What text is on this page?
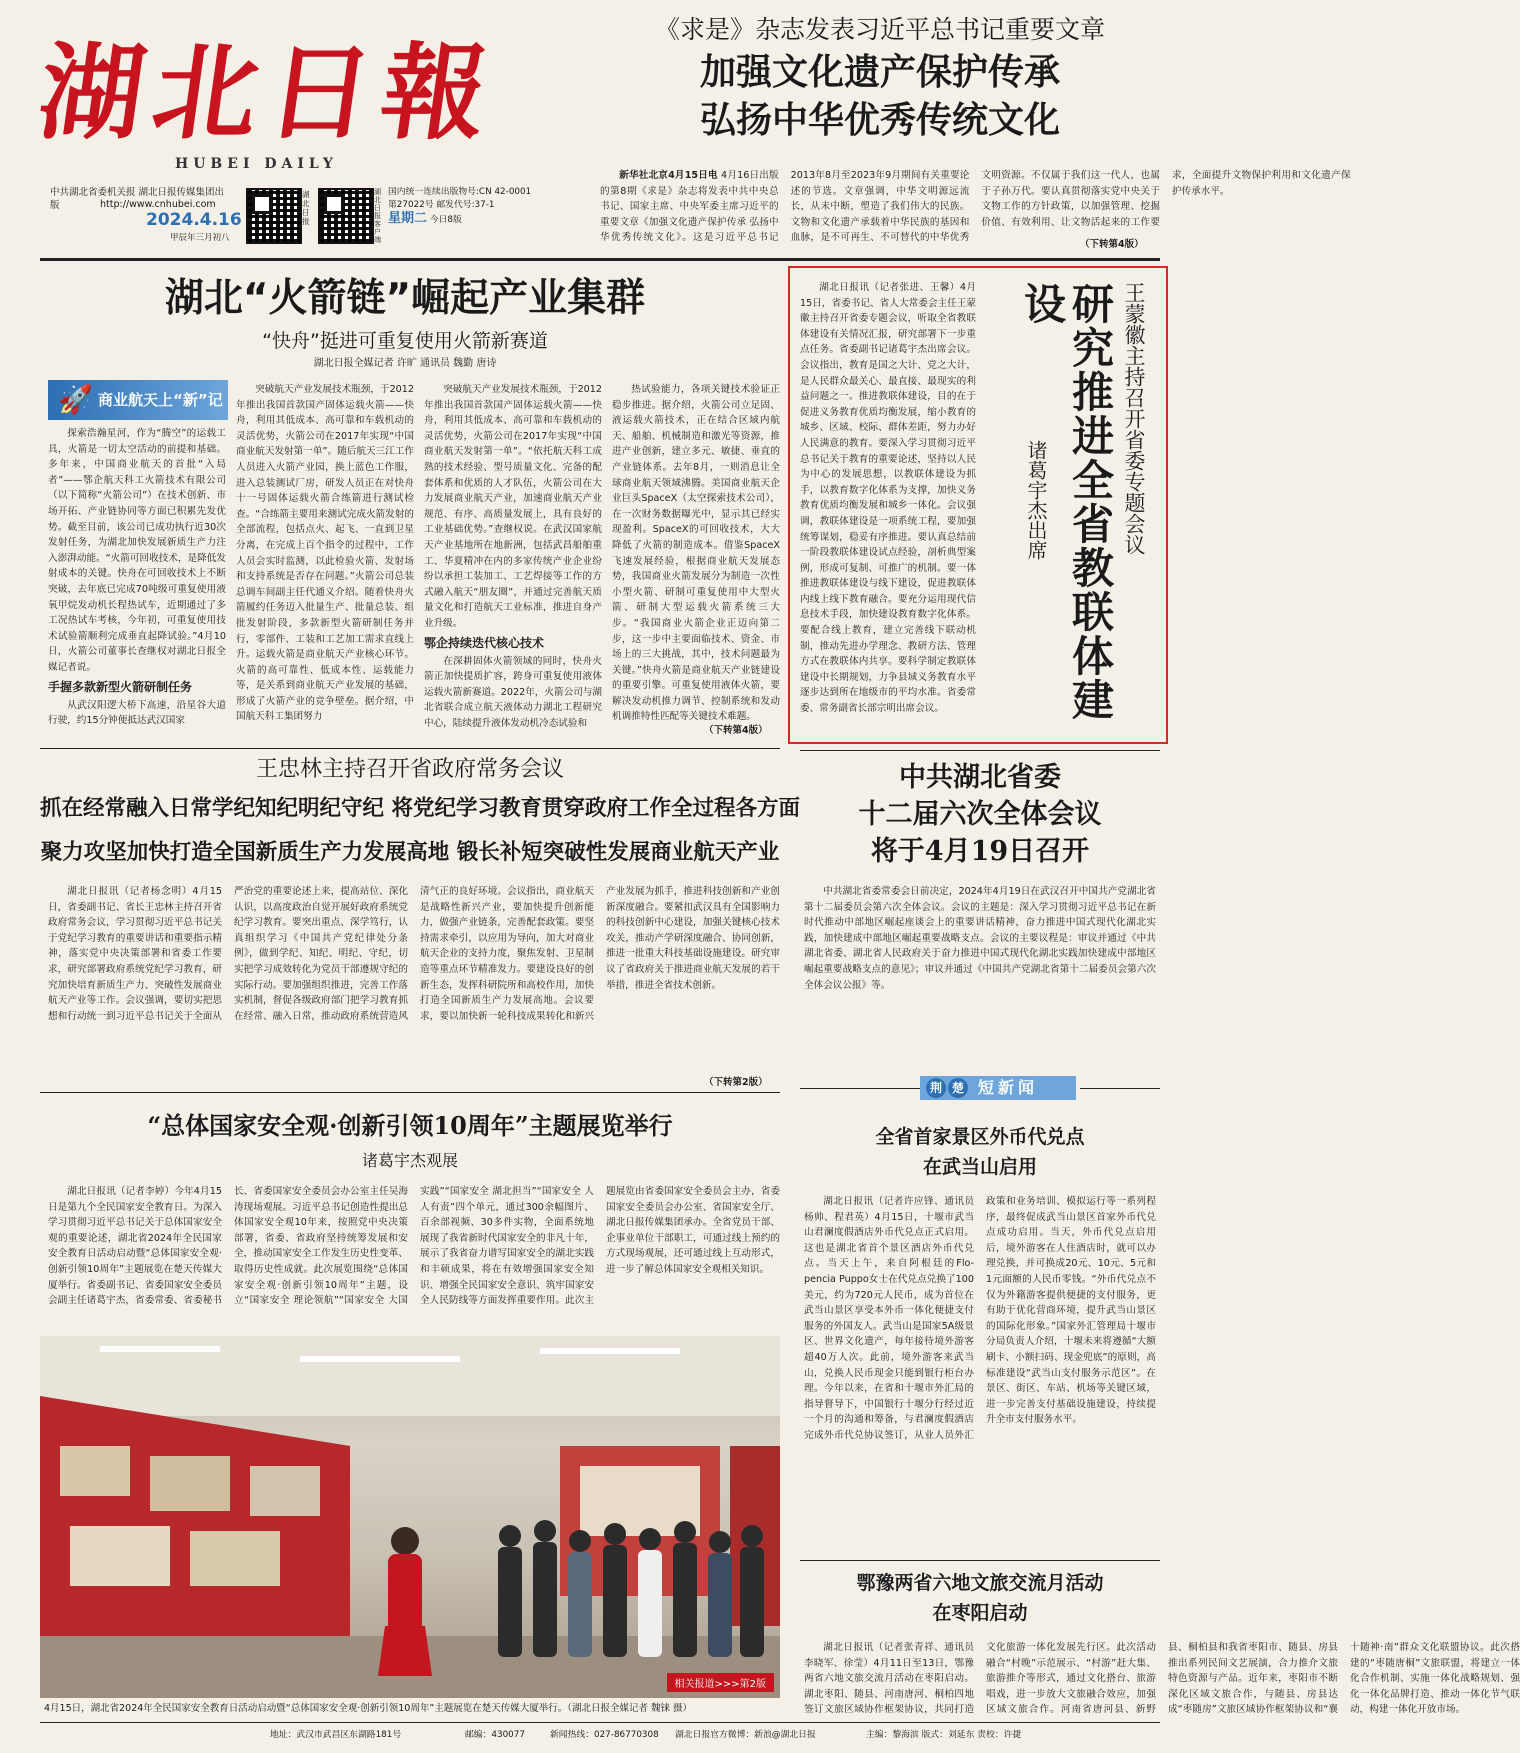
湖北日報
HUBEI DAILY
中共湖北省委机关报 湖北日报传媒集团出版	http://www.cnhubei.com
2024.4.16
甲辰年三月初八
湖北日报
湖北日报客户端
国内统一连续出版物号:CN 42-0001
第27022号 邮发代号:37-1
星期二 今日8版
《求是》杂志发表习近平总书记重要文章
加强文化遗产保护传承
弘扬中华优秀传统文化

新华社北京4月15日电 4月16日出版的第8期《求是》杂志将发表中共中央总书记、国家主席、中央军委主席习近平的重要文章《加强文化遗产保护传承 弘扬中华优秀传统文化》。这是习近平总书记2013年8月至2023年9月期间有关重要论述的节选。文章强调，中华文明源远流长，从未中断，塑造了我们伟大的民族。文物和文化遗产承载着中华民族的基因和血脉，是不可再生、不可替代的中华优秀文明资源。不仅属于我们这一代人，也属于子孙万代。要认真贯彻落实党中央关于文物工作的方针政策，以加强管理、挖掘价值、有效利用、让文物活起来的工作要求，全面提升文物保护利用和文化遗产保护传承水平。

（下转第4版）
湖北“火箭链”崛起产业集群
“快舟”挺进可重复使用火箭新赛道
湖北日报全媒记者 许旷 通讯员 魏勤 唐诗
🚀 商业航天上“新”记

探索浩瀚星河，作为“腾空”的运载工具，火箭是一切太空活动的前提和基础。多年来，中国商业航天的首批“入局者”——鄂企航天科工火箭技术有限公司（以下简称“火箭公司”）在技术创新、市场开拓、产业链协同等方面已积累先发优势。截至目前，该公司已成功执行近30次发射任务，为湖北加快发展新质生产力注入澎湃动能。“火箭可回收技术，是降低发射成本的关键。快舟在可回收技术上不断突破，去年底已完成70吨级可重复使用液氧甲烷发动机长程热试车，近期通过了多工况热试车考核，今年初，可重复使用技术试验箭顺利完成垂直起降试验。”4月10日，火箭公司董事长查继权对湖北日报全媒记者说。

手握多款新型火箭研制任务

从武汉阳逻大桥下高速，沿星谷大道行驶，约15分钟便抵达武汉国家

突破航天产业发展技术瓶颈，于2012年推出我国首款国产固体运载火箭——快舟，利用其低成本、高可靠和车载机动的灵活优势，火箭公司在2017年实现“中国商业航天发射第一单”。随后航天三江工作人员进入火箭产业园，换上蓝色工作服，进入总装测试厂房，研发人员正在对快舟十一号固体运载火箭合练箭进行测试检查。“合练箭主要用来测试完成火箭发射的全部流程，包括点火、起飞、一直到卫星分离，在完成上百个指令的过程中，工作人员会实时监测，以此检验火箭、发射场和支持系统是否存在问题。”火箭公司总装总调车间副主任代通义介绍。随着快舟火箭履约任务迈入批量生产、批量总装、组批发射阶段，多款新型火箭研制任务并行，零部件、工装和工艺加工需求直线上升。运载火箭是商业航天产业核心环节。火箭的高可靠性、低成本性、运载能力等，是关系到商业航天产业发展的基础，形成了火箭产业的竞争壁垒。据介绍，中国航天科工集团努力

突破航天产业发展技术瓶颈，于2012年推出我国首款国产固体运载火箭——快舟，利用其低成本、高可靠和车载机动的灵活优势，火箭公司在2017年实现“中国商业航天发射第一单”。“依托航天科工成熟的技术经验、型号质量文化、完备的配套体系和优质的人才队伍，火箭公司在大力发展商业航天产业，加速商业航天产业规范、有序、高质量发展上，具有良好的工业基础优势。”查继权说。在武汉国家航天产业基地所在地新洲，包括武昌船舶重工、华夏精冲在内的多家传统产业企业纷纷以承担工装加工、工艺焊接等工作的方式融入航天“朋友圈”，并通过完善航天质量文化和打造航天工业标准，推进自身产业升级。

鄂企持续迭代核心技术

在深耕固体火箭领域的同时，快舟火箭正加快提质扩容，跨身可重复使用液体运载火箭新赛道。2022年，火箭公司与湖北省联合成立航天液体动力湖北工程研究中心，陆续提升液体发动机冷态试验和

热试验能力，各项关键技术验证正稳步推进。据介绍，火箭公司立足固、液运载火箭技术，正在结合区域内航天、船舶、机械制造和激光等资源，推进产业创新，建立多元、敏捷、垂直的产业链体系。去年8月，一则消息让全球商业航天领域沸腾。美国商业航天企业巨头SpaceX（太空探索技术公司），在一次财务数据曝光中，显示其已经实现盈利。SpaceX的可回收技术，大大降低了火箭的制造成本。借鉴SpaceX飞速发展经验，根据商业航天发展态势，我国商业火箭发展分为制造一次性小型火箭、研制可重复使用中大型火箭、研制大型运载火箭系统三大步。“我国商业火箭企业正迈向第二步，这一步中主要面临技术、资金、市场上的三大挑战，其中，技术问题最为关键。”快舟火箭是商业航天产业链建设的重要引擎。可重复使用液体火箭，要解决发动机推力调节、控制系统和发动机调推特性匹配等关键技术难题。

（下转第4版）

湖北日报讯（记者张进、王馨）4月15日，省委书记、省人大常委会主任王蒙徽主持召开省委专题会议，听取全省教联体建设有关情况汇报，研究部署下一步重点任务。省委副书记诸葛宇杰出席会议。会议指出，教育是国之大计、党之大计，是人民群众最关心、最直接、最现实的利益问题之一。推进教联体建设，目的在于促进义务教育优质均衡发展，缩小教育的城乡、区域、校际、群体差距，努力办好人民满意的教育。要深入学习贯彻习近平总书记关于教育的重要论述，坚持以人民为中心的发展思想，以教联体建设为抓手，以教育数字化体系为支撑，加快义务教育优质均衡发展和城乡一体化。会议强调，教联体建设是一项系统工程，要加强统筹谋划，稳妥有序推进。要认真总结前一阶段教联体建设试点经验，剖析典型案例，形成可复制、可推广的机制。要一体推进教联体建设与线下建设，促进教联体内线上线下教育融合。要充分运用现代信息技术手段，加快建设教育数字化体系。要配合线上教育，建立完善线下联动机制，推动先进办学理念、教研方法、管理方式在教联体内共享。要科学制定教联体建设中长期规划，力争县域义务教育水平逐步达到所在地级市的平均水准。省委常委、常务副省长部宗明出席会议。

王蒙徽主持召开省委专题会议
研究推进全省教联体建设
诸葛宇杰出席
王忠林主持召开省政府常务会议
抓在经常融入日常学纪知纪明纪守纪 将党纪学习教育贯穿政府工作全过程各方面
聚力攻坚加快打造全国新质生产力发展高地 锻长补短突破性发展商业航天产业

湖北日报讯（记者杨念明）4月15日，省委副书记、省长王忠林主持召开省政府常务会议，学习贯彻习近平总书记关于党纪学习教育的重要讲话和重要指示精神，落实党中央决策部署和省委工作要求，研究部署政府系统党纪学习教育，研究加快培育新质生产力、突破性发展商业航天产业等工作。会议强调，要切实把思想和行动统一到习近平总书记关于全面从严治党的重要论述上来，提高站位、深化认识，以高度政治自觉开展好政府系统党纪学习教育。要突出重点、深学笃行，认真组织学习《中国共产党纪律处分条例》，做到学纪、知纪、明纪、守纪，切实把学习成效转化为党员干部遵规守纪的实际行动。要加强组织推进，完善工作落实机制，督促各级政府部门把学习教育抓在经常、融入日常，推动政府系统营造风清气正的良好环境。会议指出，商业航天是战略性新兴产业，要加快提升创新能力，做强产业链条，完善配套政策。要坚持需求牵引，以应用为导向，加大对商业航天企业的支持力度，聚焦发射、卫星制造等重点环节精准发力。要建设良好的创新生态，发挥科研院所和高校作用，加快打造全国新质生产力发展高地。会议要求，要以加快新一轮科技成果转化和新兴产业发展为抓手，推进科技创新和产业创新深度融合。要紧扣武汉具有全国影响力的科技创新中心建设，加强关键核心技术攻关，推动产学研深度融合、协同创新，推进一批重大科技基础设施建设。研究审议了省政府关于推进商业航天发展的若干举措，推进全省技术创新。

（下转第2版）
中共湖北省委
十二届六次全体会议
将于4月19日召开

中共湖北省委常委会日前决定，2024年4月19日在武汉召开中国共产党湖北省第十二届委员会第六次全体会议。会议的主题是：深入学习贯彻习近平总书记在新时代推动中部地区崛起座谈会上的重要讲话精神，奋力推进中国式现代化湖北实践，加快建成中部地区崛起重要战略支点。会议的主要议程是：审议并通过《中共湖北省委、湖北省人民政府关于奋力推进中国式现代化湖北实践加快建成中部地区崛起重要战略支点的意见》；审议并通过《中国共产党湖北省第十二届委员会第六次全体会议公报》等。

荆 楚 短新闻
全省首家景区外币代兑点
在武当山启用

湖北日报讯（记者许应锋、通讯员杨帅、程君英）4月15日，十堰市武当山君澜度假酒店外币代兑点正式启用。这也是湖北省首个景区酒店外币代兑点。当天上午，来自阿根廷的Flo-pencia Puppo女士在代兑点兑换了100美元，约为720元人民币，成为首位在武当山景区享受本外币一体化便捷支付服务的外国友人。武当山是国家5A级景区、世界文化遗产，每年接待境外游客超40万人次。此前，境外游客来武当山，兑换人民币现金只能到银行柜台办理。今年以来，在省和十堰市外汇局的指导督导下，中国银行十堰分行经过近一个月的沟通和筹备，与君澜度假酒店完成外币代兑协议签订，从业人员外汇政策和业务培训、模拟运行等一系列程序，最终促成武当山景区首家外币代兑点成功启用。当天，外币代兑点启用后，境外游客在人住酒店时，就可以办理兑换，并可换成20元、10元、5元和1元面额的人民币零钱。“外币代兑点不仅为外籍游客提供便捷的支付服务，更有助于优化营商环境，提升武当山景区的国际化形象。”国家外汇管理局十堰市分局负责人介绍，十堰未来将遵循“大额刷卡、小额扫码、现金兜底”的原则，高标准建设“武当山支付服务示范区”。在景区、街区、车站、机场等关键区域，进一步完善支付基础设施建设，持续提升全市支付服务水平。

鄂豫两省六地文旅交流月活动
在枣阳启动

湖北日报讯（记者张青祥、通讯员李晓军、徐莹）4月11日至13日，鄂豫两省六地文旅交流月活动在枣阳启动。湖北枣阳、随县、河南唐河、桐柏四地签订文旅区域协作框架协议，共同打造文化旅游一体化发展先行区。此次活动融合“村晚”示范展示、“村游”赶大集、旅游推介等形式，通过文化搭台、旅游唱戏，进一步放大文旅融合效应，加强区域文旅合作。河南省唐河县、新野县、桐柏县和我省枣阳市、随县、房县推出系列民间文艺展演，合力推介文旅特色资源与产品。近年来，枣阳市不断深化区域文旅合作，与随县、房县达成“枣随房”文旅区域协作框架协议和“襄十随神·南”群众文化联盟协议。此次搭建的“枣随唐桐”文旅联盟，将建立一体化合作机制、实施一体化战略规划、强化一体化品牌打造、推动一体化节气联动，构建一体化开放市场。

“总体国家安全观·创新引领10周年”主题展览举行
诸葛宇杰观展

湖北日报讯（记者李婷）今年4月15日是第九个全民国家安全教育日。为深入学习贯彻习近平总书记关于总体国家安全观的重要论述，湖北省2024年全民国家安全教育日活动启动暨“总体国家安全观·创新引领10周年”主题展览在楚天传媒大厦举行。省委副书记、省委国家安全委员会副主任诸葛宇杰，省委常委、省委秘书长、省委国家安全委员会办公室主任吴海涛现场观展。习近平总书记创造性提出总体国家安全观10年来，按照党中央决策部署，省委、省政府坚持统筹发展和安全，推动国家安全工作发生历史性变革、取得历史性成就。此次展览围绕“总体国家安全观·创新引领10周年”主题，设立“国家安全 理论领航”“国家安全 大国实践”“国家安全 湖北担当”“国家安全 人人有责”四个单元，通过300余幅图片、百余部视频、30多件实物，全面系统地展现了我省新时代国家安全的非凡十年，展示了我省奋力谱写国家安全的湖北实践和丰硕成果，将在有效增强国家安全知识、增强全民国家安全意识、筑牢国家安全人民防线等方面发挥重要作用。此次主题展览由省委国家安全委员会主办，省委国家安全委员会办公室、省国家安全厅、湖北日报传媒集团承办。全省党员干部、企事业单位干部职工，可通过线上预约的方式现场观展，还可通过线上互动形式，进一步了解总体国家安全观相关知识。

相关报道>>>第2版
4月15日，湖北省2024年全民国家安全教育日活动启动暨“总体国家安全观·创新引领10周年”主题展览在楚天传媒大厦举行。（湖北日报全媒记者 魏铼 摄）
地址：武汉市武昌区东湖路181号	邮编：430077	新闻热线：027-86770308 湖北日报官方微博：新浪@湖北日报	主编：黎海滨 版式：刘延东 责校：许捷
